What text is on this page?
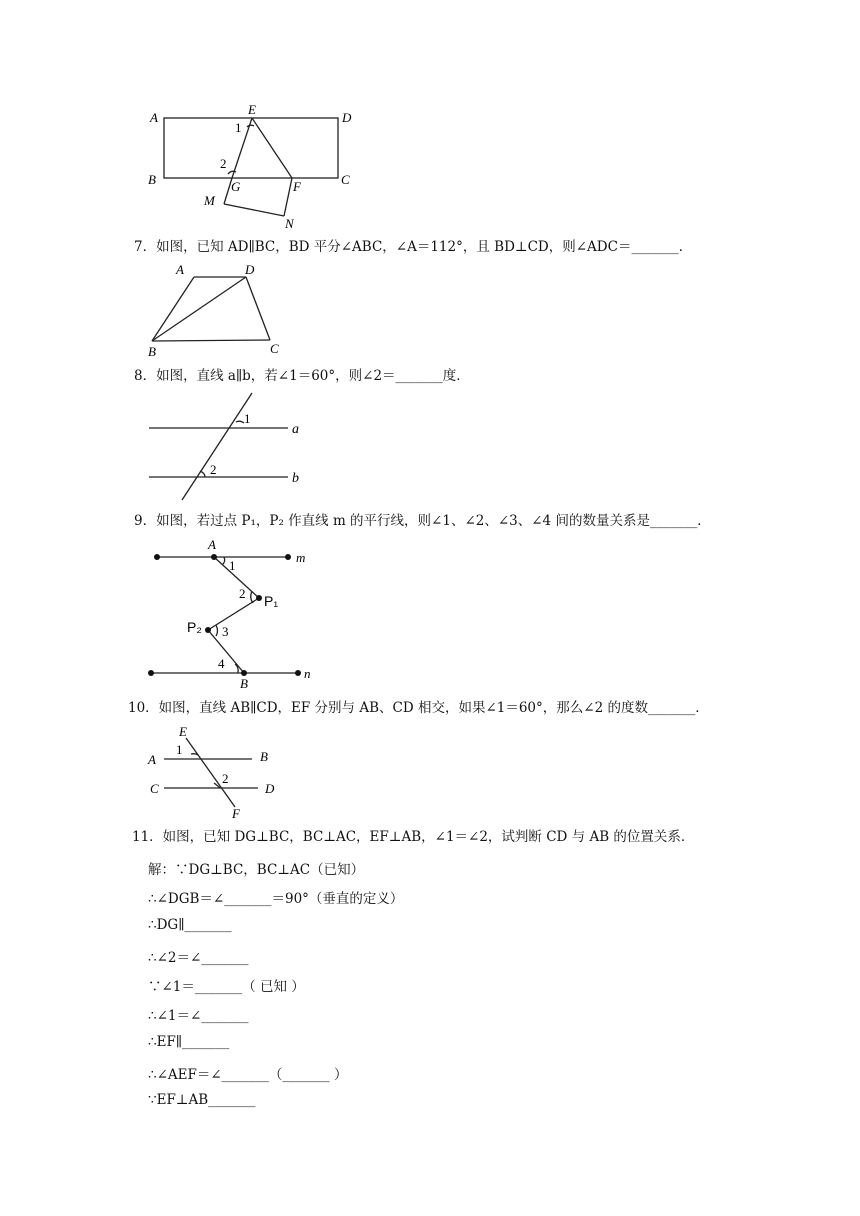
A
E
D
B	C
G	F
M
N
1
2
7．如图，已知 AD∥BC，BD 平分∠ABC，∠A＝112°，且 BD⊥CD，则∠ADC＝_______．
A	D
B	C
8．如图，直线 a∥b，若∠1＝60°，则∠2＝_______度．
1
2
a
b
9．如图，若过点 P₁，P₂ 作直线 m 的平行线，则∠1、∠2、∠3、∠4 间的数量关系是_______．
A
m
1
2 P₁
P₂ 3
4
B
n
10．如图，直线 AB∥CD，EF 分别与 AB、CD 相交，如果∠1＝60°，那么∠2 的度数_______．
E
1
A	B
2
C	D
F
11．如图，已知 DG⊥BC，BC⊥AC，EF⊥AB，∠1＝∠2，试判断 CD 与 AB 的位置关系．
解：∵DG⊥BC，BC⊥AC（已知）
∴∠DGB＝∠_______＝90°（垂直的定义）
∴DG∥_______
∴∠2＝∠_______
∵∠1＝_______（ 已知 ）
∴∠1＝∠_______
∴EF∥_______
∴∠AEF＝∠_______（_______ ）
∵EF⊥AB_______
